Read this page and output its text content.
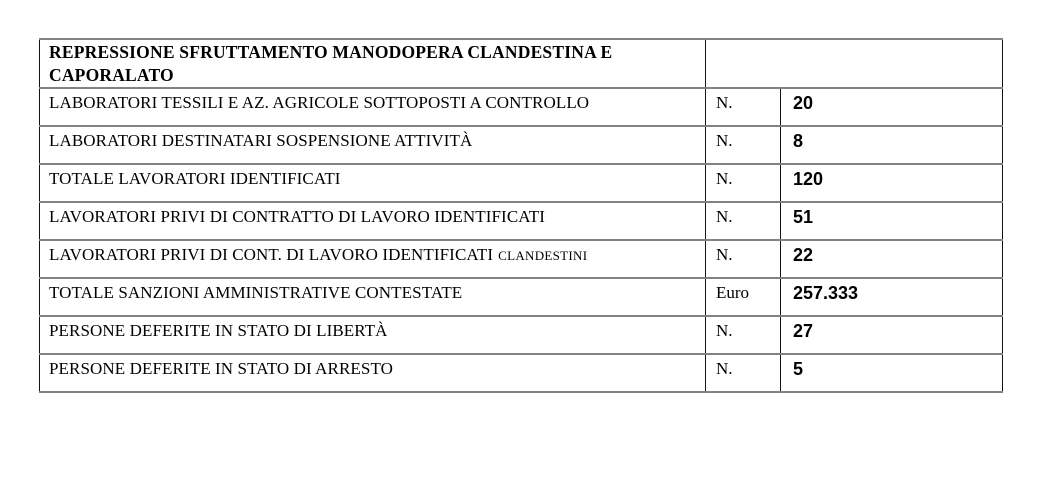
REPRESSIONE SFRUTTAMENTO MANODOPERA CLANDESTINA E CAPORALATO		
LABORATORI TESSILI E AZ. AGRICOLE SOTTOPOSTI A CONTROLLO	N.	20
LABORATORI DESTINATARI SOSPENSIONE ATTIVITÀ	N.	8
TOTALE LAVORATORI IDENTIFICATI	N.	120
LAVORATORI PRIVI DI CONTRATTO DI LAVORO IDENTIFICATI	N.	51
LAVORATORI PRIVI DI CONT. DI LAVORO IDENTIFICATI CLANDESTINI	N.	22
TOTALE SANZIONI AMMINISTRATIVE CONTESTATE	Euro	257.333
PERSONE DEFERITE IN STATO DI LIBERTÀ	N.	27
PERSONE DEFERITE IN STATO DI ARRESTO	N.	5
